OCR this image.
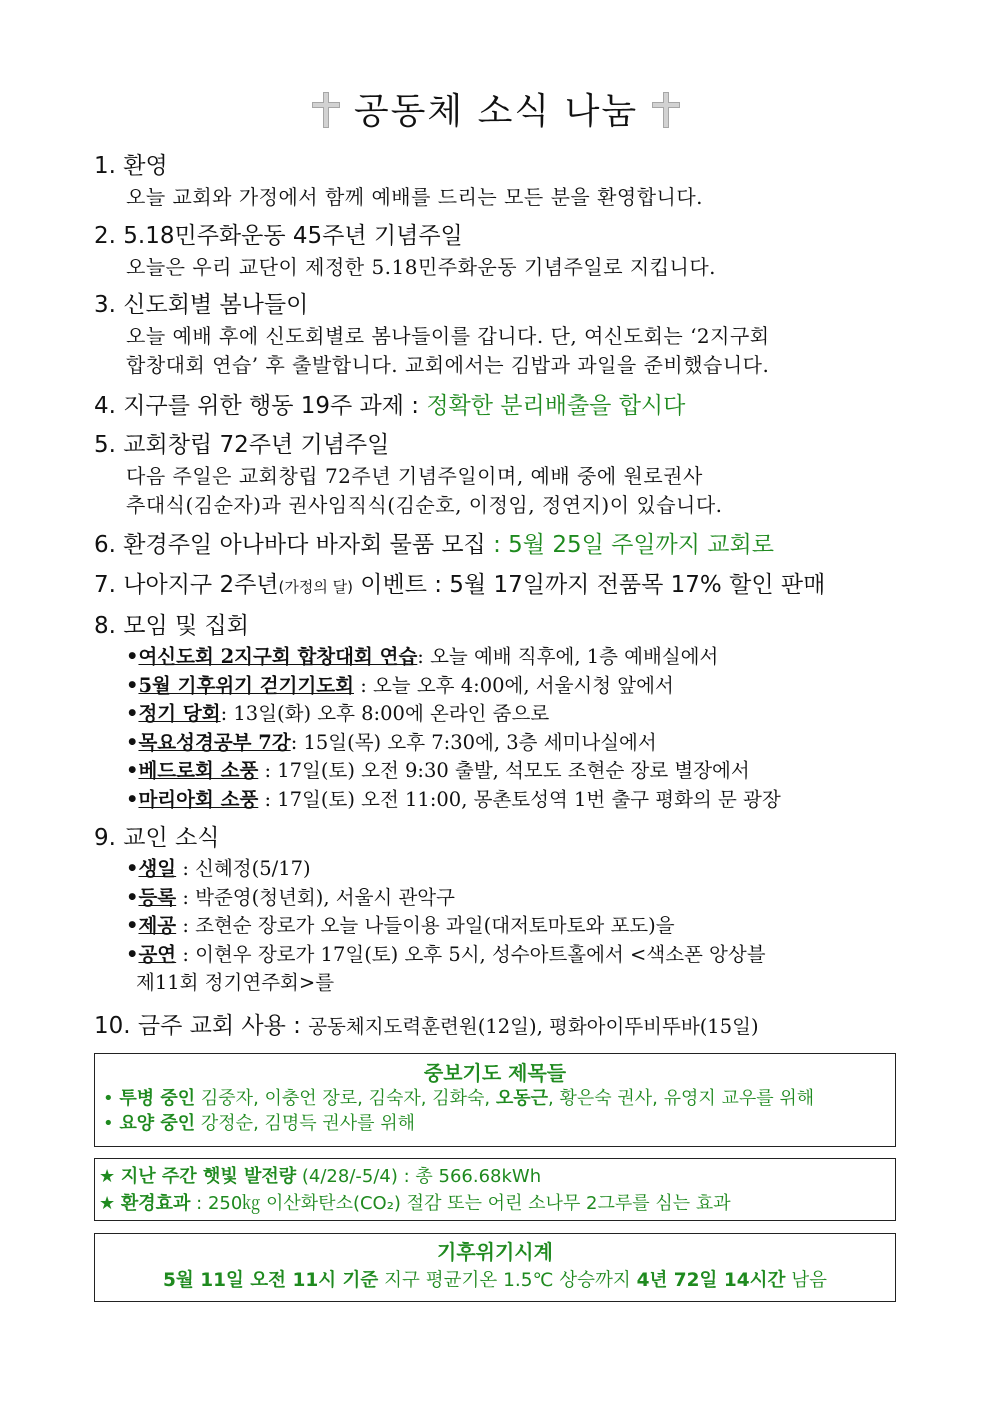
공동체 소식 나눔
1. 환영
오늘 교회와 가정에서 함께 예배를 드리는 모든 분을 환영합니다.
2. 5.18민주화운동 45주년 기념주일
오늘은 우리 교단이 제정한 5.18민주화운동 기념주일로 지킵니다.
3. 신도회별 봄나들이
오늘 예배 후에 신도회별로 봄나들이를 갑니다. 단, 여신도회는 ‘2지구회
합창대회 연습’ 후 출발합니다. 교회에서는 김밥과 과일을 준비했습니다.
4. 지구를 위한 행동 19주 과제 : 정확한 분리배출을 합시다
5. 교회창립 72주년 기념주일
다음 주일은 교회창립 72주년 기념주일이며, 예배 중에 원로권사
추대식(김순자)과 권사임직식(김순호, 이정임, 정연지)이 있습니다.
6. 환경주일 아나바다 바자회 물품 모집 : 5월 25일 주일까지 교회로
7. 나아지구 2주년(가정의 달) 이벤트 : 5월 17일까지 전품목 17% 할인 판매
8. 모임 및 집회
•여신도회 2지구회 합창대회 연습: 오늘 예배 직후에, 1층 예배실에서
•5월 기후위기 걷기기도회 : 오늘 오후 4:00에, 서울시청 앞에서
•정기 당회: 13일(화) 오후 8:00에 온라인 줌으로
•목요성경공부 7강: 15일(목) 오후 7:30에, 3층 세미나실에서
•베드로회 소풍 : 17일(토) 오전 9:30 출발, 석모도 조현순 장로 별장에서
•마리아회 소풍 : 17일(토) 오전 11:00, 몽촌토성역 1번 출구 평화의 문 광장
9. 교인 소식
•생일 : 신혜정(5/17)
•등록 : 박준영(청년회), 서울시 관악구
•제공 : 조현순 장로가 오늘 나들이용 과일(대저토마토와 포도)을
•공연 : 이현우 장로가 17일(토) 오후 5시, 성수아트홀에서 <색소폰 앙상블
제11회 정기연주회>를
10. 금주 교회 사용 : 공동체지도력훈련원(12일), 평화아이뚜비뚜바(15일)
중보기도 제목들
• 투병 중인 김중자, 이충언 장로, 김숙자, 김화숙, 오동근, 황은숙 권사, 유영지 교우를 위해
• 요양 중인 강정순, 김명득 권사를 위해
★ 지난 주간 햇빛 발전량 (4/28/-5/4) : 총 566.68kWh
★ 환경효과 : 250㎏ 이산화탄소(CO₂) 절감 또는 어린 소나무 2그루를 심는 효과
기후위기시계
5월 11일 오전 11시 기준 지구 평균기온 1.5℃ 상승까지 4년 72일 14시간 남음
